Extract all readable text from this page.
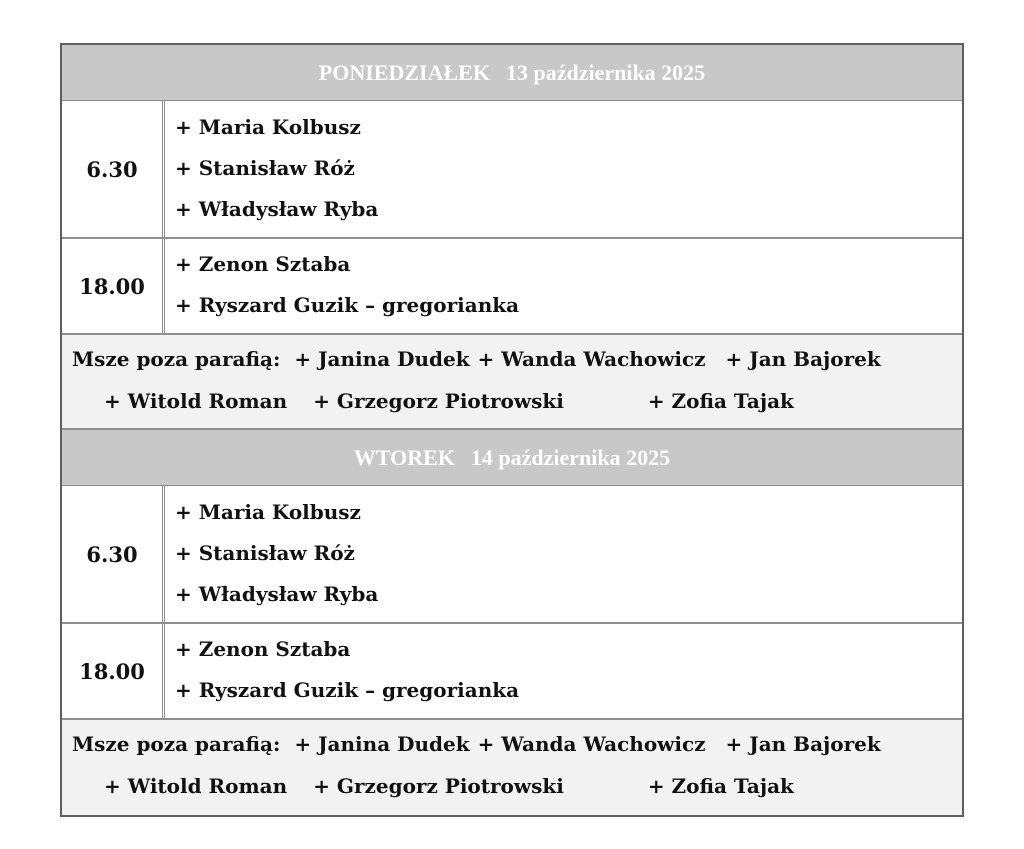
PONIEDZIAŁEK 13 października 2025
6.30
+ Maria Kolbusz
+ Stanisław Róż
+ Władysław Ryba
18.00
+ Zenon Sztaba
+ Ryszard Guzik – gregorianka
Msze poza parafią: + Janina Dudek + Wanda Wachowicz + Jan Bajorek
+ Witold Roman + Grzegorz Piotrowski	+ Zofia Tajak
WTOREK 14 października 2025
6.30
+ Maria Kolbusz
+ Stanisław Róż
+ Władysław Ryba
18.00
+ Zenon Sztaba
+ Ryszard Guzik – gregorianka
Msze poza parafią: + Janina Dudek + Wanda Wachowicz + Jan Bajorek
+ Witold Roman + Grzegorz Piotrowski	+ Zofia Tajak
